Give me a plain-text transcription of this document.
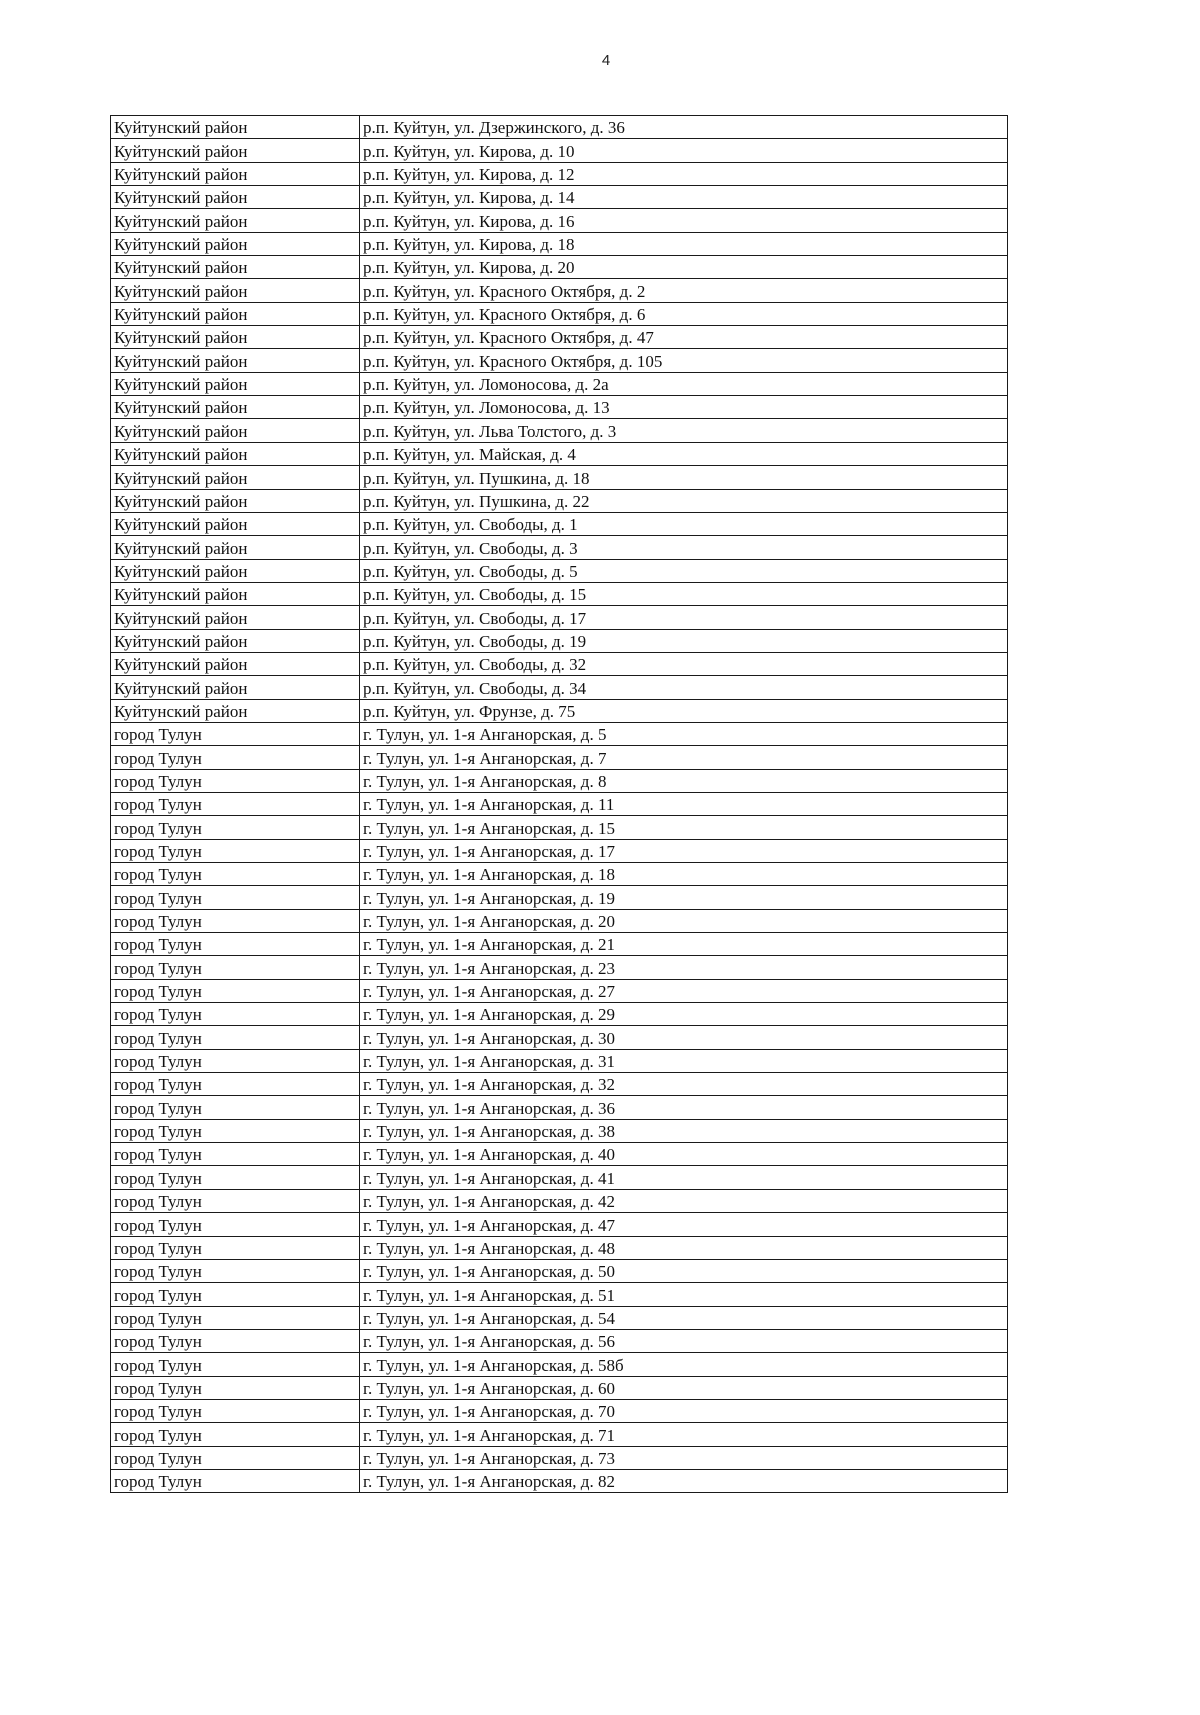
4
Куйтунский район	р.п. Куйтун, ул. Дзержинского, д. 36
Куйтунский район	р.п. Куйтун, ул. Кирова, д. 10
Куйтунский район	р.п. Куйтун, ул. Кирова, д. 12
Куйтунский район	р.п. Куйтун, ул. Кирова, д. 14
Куйтунский район	р.п. Куйтун, ул. Кирова, д. 16
Куйтунский район	р.п. Куйтун, ул. Кирова, д. 18
Куйтунский район	р.п. Куйтун, ул. Кирова, д. 20
Куйтунский район	р.п. Куйтун, ул. Красного Октября, д. 2
Куйтунский район	р.п. Куйтун, ул. Красного Октября, д. 6
Куйтунский район	р.п. Куйтун, ул. Красного Октября, д. 47
Куйтунский район	р.п. Куйтун, ул. Красного Октября, д. 105
Куйтунский район	р.п. Куйтун, ул. Ломоносова, д. 2а
Куйтунский район	р.п. Куйтун, ул. Ломоносова, д. 13
Куйтунский район	р.п. Куйтун, ул. Льва Толстого, д. 3
Куйтунский район	р.п. Куйтун, ул. Майская, д. 4
Куйтунский район	р.п. Куйтун, ул. Пушкина, д. 18
Куйтунский район	р.п. Куйтун, ул. Пушкина, д. 22
Куйтунский район	р.п. Куйтун, ул. Свободы, д. 1
Куйтунский район	р.п. Куйтун, ул. Свободы, д. 3
Куйтунский район	р.п. Куйтун, ул. Свободы, д. 5
Куйтунский район	р.п. Куйтун, ул. Свободы, д. 15
Куйтунский район	р.п. Куйтун, ул. Свободы, д. 17
Куйтунский район	р.п. Куйтун, ул. Свободы, д. 19
Куйтунский район	р.п. Куйтун, ул. Свободы, д. 32
Куйтунский район	р.п. Куйтун, ул. Свободы, д. 34
Куйтунский район	р.п. Куйтун, ул. Фрунзе, д. 75
город Тулун	г. Тулун, ул. 1-я Анганорская, д. 5
город Тулун	г. Тулун, ул. 1-я Анганорская, д. 7
город Тулун	г. Тулун, ул. 1-я Анганорская, д. 8
город Тулун	г. Тулун, ул. 1-я Анганорская, д. 11
город Тулун	г. Тулун, ул. 1-я Анганорская, д. 15
город Тулун	г. Тулун, ул. 1-я Анганорская, д. 17
город Тулун	г. Тулун, ул. 1-я Анганорская, д. 18
город Тулун	г. Тулун, ул. 1-я Анганорская, д. 19
город Тулун	г. Тулун, ул. 1-я Анганорская, д. 20
город Тулун	г. Тулун, ул. 1-я Анганорская, д. 21
город Тулун	г. Тулун, ул. 1-я Анганорская, д. 23
город Тулун	г. Тулун, ул. 1-я Анганорская, д. 27
город Тулун	г. Тулун, ул. 1-я Анганорская, д. 29
город Тулун	г. Тулун, ул. 1-я Анганорская, д. 30
город Тулун	г. Тулун, ул. 1-я Анганорская, д. 31
город Тулун	г. Тулун, ул. 1-я Анганорская, д. 32
город Тулун	г. Тулун, ул. 1-я Анганорская, д. 36
город Тулун	г. Тулун, ул. 1-я Анганорская, д. 38
город Тулун	г. Тулун, ул. 1-я Анганорская, д. 40
город Тулун	г. Тулун, ул. 1-я Анганорская, д. 41
город Тулун	г. Тулун, ул. 1-я Анганорская, д. 42
город Тулун	г. Тулун, ул. 1-я Анганорская, д. 47
город Тулун	г. Тулун, ул. 1-я Анганорская, д. 48
город Тулун	г. Тулун, ул. 1-я Анганорская, д. 50
город Тулун	г. Тулун, ул. 1-я Анганорская, д. 51
город Тулун	г. Тулун, ул. 1-я Анганорская, д. 54
город Тулун	г. Тулун, ул. 1-я Анганорская, д. 56
город Тулун	г. Тулун, ул. 1-я Анганорская, д. 58б
город Тулун	г. Тулун, ул. 1-я Анганорская, д. 60
город Тулун	г. Тулун, ул. 1-я Анганорская, д. 70
город Тулун	г. Тулун, ул. 1-я Анганорская, д. 71
город Тулун	г. Тулун, ул. 1-я Анганорская, д. 73
город Тулун	г. Тулун, ул. 1-я Анганорская, д. 82
